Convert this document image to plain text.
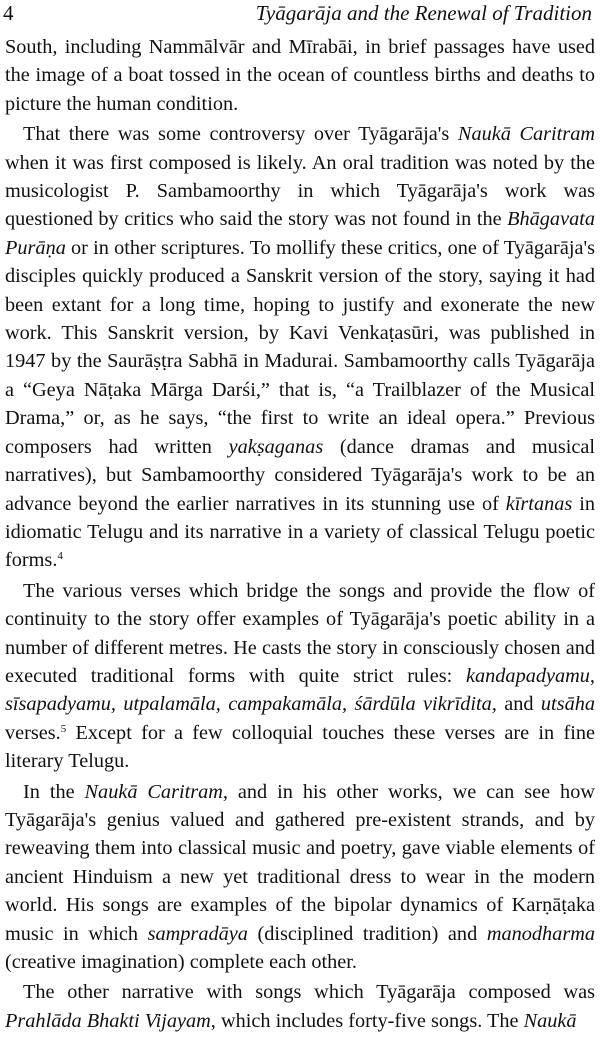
4	Tyāgarāja and the Renewal of Tradition

South, including Nammālvār and Mīrabāi, in brief passages have used the image of a boat tossed in the ocean of countless births and deaths to picture the human condition.

That there was some controversy over Tyāgarāja's Naukā Caritram when it was first composed is likely. An oral tradition was noted by the musicologist P. Sambamoorthy in which Tyāgarāja's work was questioned by critics who said the story was not found in the Bhāgavata Purāṇa or in other scriptures. To mollify these critics, one of Tyāgarāja's disciples quickly produced a Sanskrit version of the story, saying it had been extant for a long time, hoping to justify and exonerate the new work. This Sanskrit version, by Kavi Venkaṭasūri, was published in 1947 by the Saurāṣṭra Sabhā in Madurai. Sambamoorthy calls Tyāgarāja a “Geya Nāṭaka Mārga Darśi,” that is, “a Trailblazer of the Musical Drama,” or, as he says, “the first to write an ideal opera.” Previous composers had written yakṣaganas (dance dramas and musical narratives), but Sambamoorthy considered Tyāgarāja's work to be an advance beyond the earlier narratives in its stunning use of kīrtanas in idiomatic Telugu and its narrative in a variety of classical Telugu poetic forms.$^4$

The various verses which bridge the songs and provide the flow of continuity to the story offer examples of Tyāgarāja's poetic ability in a number of different metres. He casts the story in consciously chosen and executed traditional forms with quite strict rules: kandapadyamu, sīsapadyamu, utpalamāla, campakamāla, śārdūla vikrīdita, and utsāha verses.$^5$ Except for a few colloquial touches these verses are in fine literary Telugu.

In the Naukā Caritram, and in his other works, we can see how Tyāgarāja's genius valued and gathered pre-existent strands, and by reweaving them into classical music and poetry, gave viable elements of ancient Hinduism a new yet traditional dress to wear in the modern world. His songs are examples of the bipolar dynamics of Karṇāṭaka music in which sampradāya (disciplined tradition) and manodharma (creative imagination) complete each other.

The other narrative with songs which Tyāgarāja composed was Prahlāda Bhakti Vijayam, which includes forty-five songs. The Naukā
